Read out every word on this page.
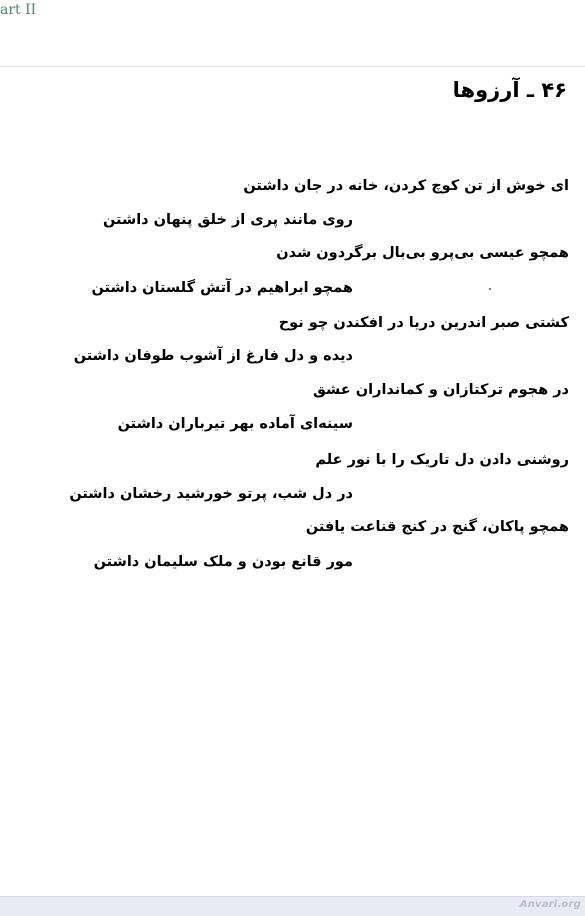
art II
۴۶ ـ آرزوها
ای خوش از تن کوچ کردن، خانه در جان داشتن
روی مانند پری از خلق پنهان داشتن
همچو عیسی بی‌پرو بی‌بال برگردون شدن
همچو ابراهیم در آتش گلستان داشتن
کشتی صبر اندرین دریا در افکندن چو نوح
دیده و دل فارغ از آشوب طوفان داشتن
در هجوم ترکتازان و کمانداران عشق
سینه‌ای آماده بهر تیرباران داشتن
روشنی دادن دل تاریک را با نور علم
در دل شب، پرتو خورشید رخشان داشتن
همچو پاکان، گنج در کنج قناعت یافتن
مور قانع بودن و ملک سلیمان داشتن
Anvari.org
